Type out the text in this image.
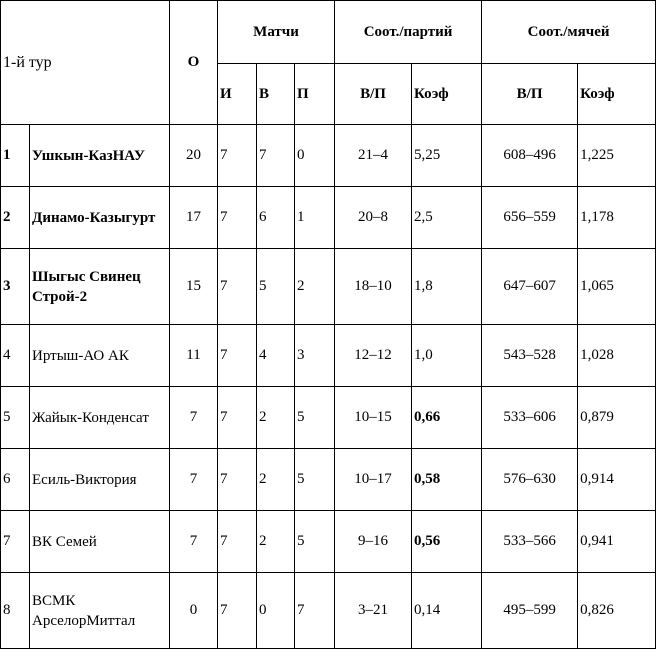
1-й тур		О	Матчи			Соот./партий		Соот./мячей	
			И	В	П	В/П	Коэф	В/П	Коэф
1	Ушкын-КазНАУ	20	7	7	0	21–4	5,25	608–496	1,225
2	Динамо-Казыгурт	17	7	6	1	20–8	2,5	656–559	1,178
3	Шыгыс Свинец Строй-2	15	7	5	2	18–10	1,8	647–607	1,065
4	Иртыш-АО АК	11	7	4	3	12–12	1,0	543–528	1,028
5	Жайык-Конденсат	7	7	2	5	10–15	0,66	533–606	0,879
6	Есиль-Виктория	7	7	2	5	10–17	0,58	576–630	0,914
7	ВК Семей	7	7	2	5	9–16	0,56	533–566	0,941
8	ВСМК АрселорМиттал	0	7	0	7	3–21	0,14	495–599	0,826
